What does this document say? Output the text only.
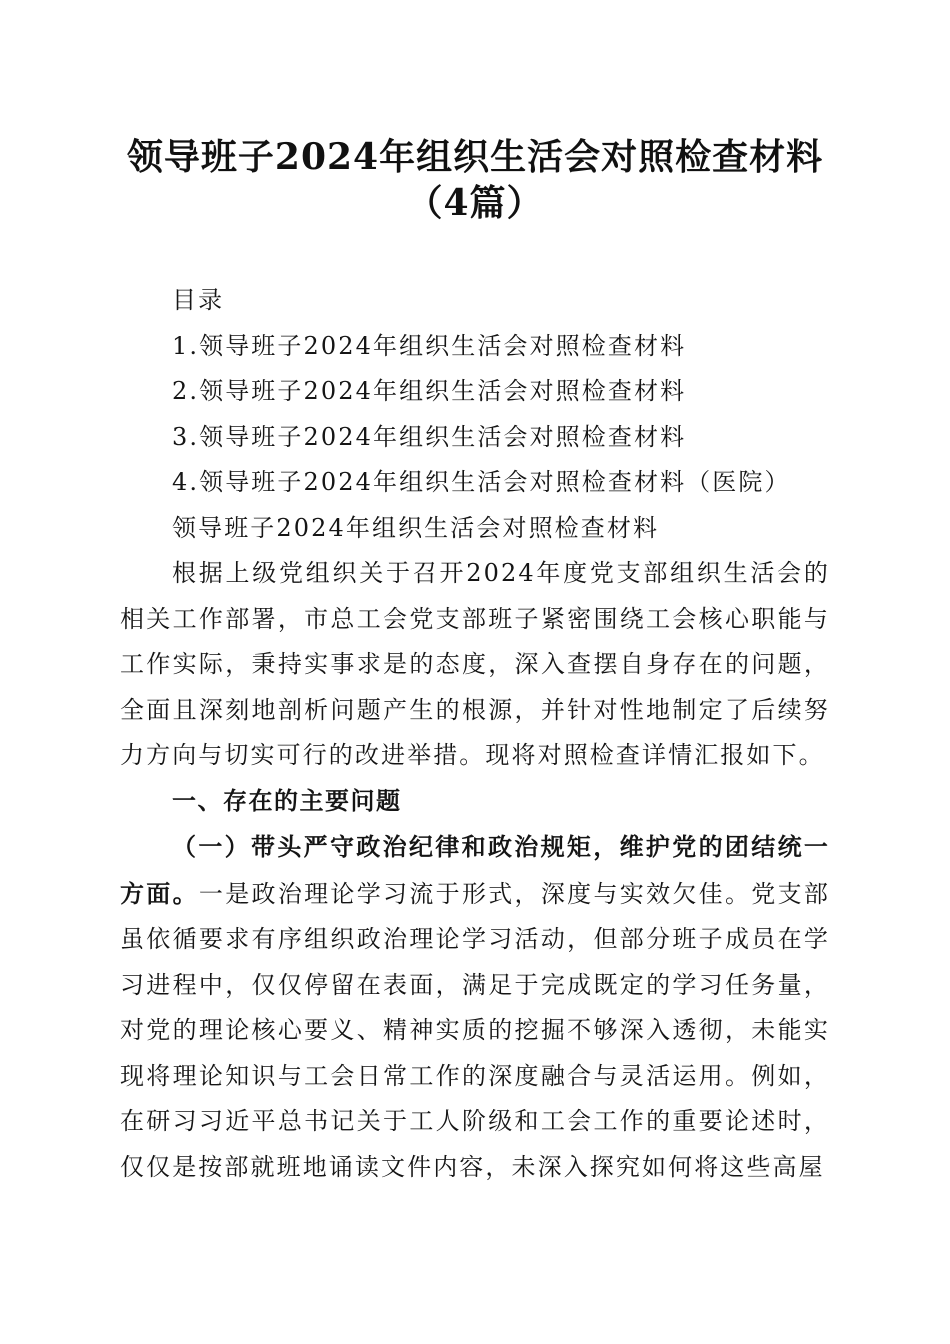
领导班子2024年组织生活会对照检查材料（4篇）

目录

1.领导班子2024年组织生活会对照检查材料

2.领导班子2024年组织生活会对照检查材料

3.领导班子2024年组织生活会对照检查材料

4.领导班子2024年组织生活会对照检查材料（医院）

领导班子2024年组织生活会对照检查材料

根据上级党组织关于召开2024年度党支部组织生活会的相关工作部署，市总工会党支部班子紧密围绕工会核心职能与工作实际，秉持实事求是的态度，深入查摆自身存在的问题，全面且深刻地剖析问题产生的根源，并针对性地制定了后续努力方向与切实可行的改进举措。现将对照检查详情汇报如下。

一、存在的主要问题

（一）带头严守政治纪律和政治规矩，维护党的团结统一方面。一是政治理论学习流于形式，深度与实效欠佳。党支部虽依循要求有序组织政治理论学习活动，但部分班子成员在学习进程中，仅仅停留在表面，满足于完成既定的学习任务量，对党的理论核心要义、精神实质的挖掘不够深入透彻，未能实现将理论知识与工会日常工作的深度融合与灵活运用。例如，在研习习近平总书记关于工人阶级和工会工作的重要论述时，仅仅是按部就班地诵读文件内容，未深入探究如何将这些高屋
